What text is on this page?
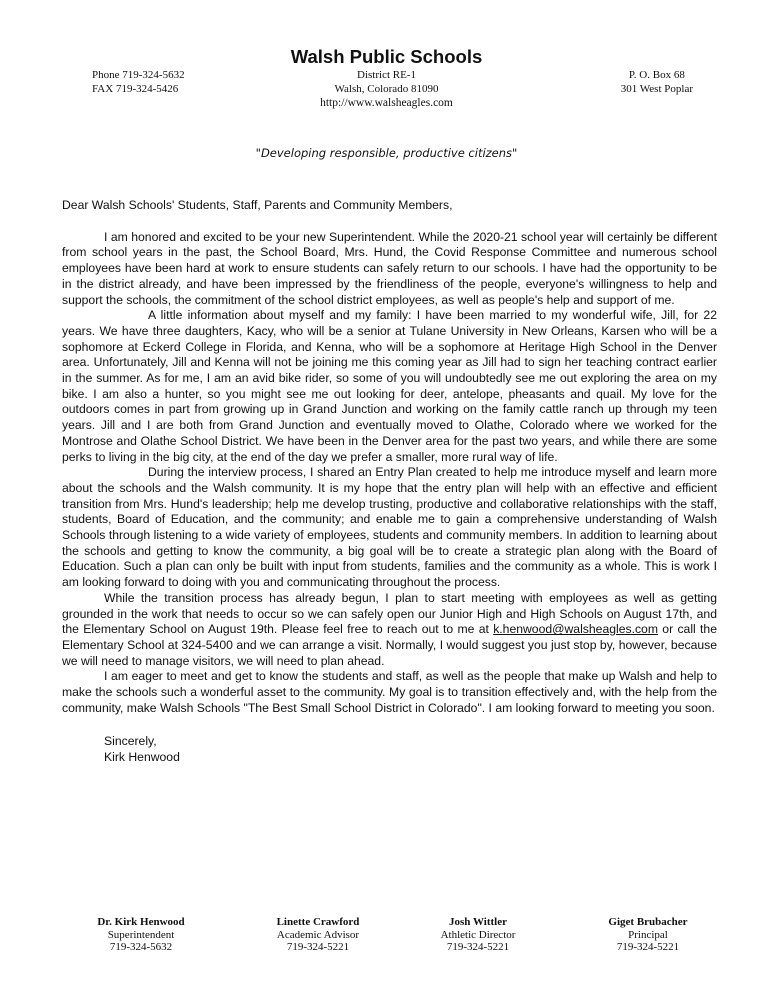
Walsh Public Schools
Phone 719-324-5632
FAX 719-324-5426
District RE-1
Walsh, Colorado 81090
http://www.walsheagles.com
P. O. Box 68
301 West Poplar
"Developing responsible, productive citizens"

Dear Walsh Schools' Students, Staff, Parents and Community Members,

I am honored and excited to be your new Superintendent. While the 2020-21 school year will certainly be different from school years in the past, the School Board, Mrs. Hund, the Covid Response Committee and numerous school employees have been hard at work to ensure students can safely return to our schools. I have had the opportunity to be in the district already, and have been impressed by the friendliness of the people, everyone's willingness to help and support the schools, the commitment of the school district employees, as well as people's help and support of me.

A little information about myself and my family: I have been married to my wonderful wife, Jill, for 22 years. We have three daughters, Kacy, who will be a senior at Tulane University in New Orleans, Karsen who will be a sophomore at Eckerd College in Florida, and Kenna, who will be a sophomore at Heritage High School in the Denver area. Unfortunately, Jill and Kenna will not be joining me this coming year as Jill had to sign her teaching contract earlier in the summer. As for me, I am an avid bike rider, so some of you will undoubtedly see me out exploring the area on my bike. I am also a hunter, so you might see me out looking for deer, antelope, pheasants and quail. My love for the outdoors comes in part from growing up in Grand Junction and working on the family cattle ranch up through my teen years. Jill and I are both from Grand Junction and eventually moved to Olathe, Colorado where we worked for the Montrose and Olathe School District. We have been in the Denver area for the past two years, and while there are some perks to living in the big city, at the end of the day we prefer a smaller, more rural way of life.

During the interview process, I shared an Entry Plan created to help me introduce myself and learn more about the schools and the Walsh community. It is my hope that the entry plan will help with an effective and efficient transition from Mrs. Hund's leadership; help me develop trusting, productive and collaborative relationships with the staff, students, Board of Education, and the community; and enable me to gain a comprehensive understanding of Walsh Schools through listening to a wide variety of employees, students and community members. In addition to learning about the schools and getting to know the community, a big goal will be to create a strategic plan along with the Board of Education. Such a plan can only be built with input from students, families and the community as a whole. This is work I am looking forward to doing with you and communicating throughout the process.

While the transition process has already begun, I plan to start meeting with employees as well as getting grounded in the work that needs to occur so we can safely open our Junior High and High Schools on August 17th, and the Elementary School on August 19th. Please feel free to reach out to me at k.henwood@walsheagles.com or call the Elementary School at 324-5400 and we can arrange a visit. Normally, I would suggest you just stop by, however, because we will need to manage visitors, we will need to plan ahead.

I am eager to meet and get to know the students and staff, as well as the people that make up Walsh and help to make the schools such a wonderful asset to the community. My goal is to transition effectively and, with the help from the community, make Walsh Schools "The Best Small School District in Colorado". I am looking forward to meeting you soon.

Sincerely,
Kirk Henwood
Dr. Kirk Henwood
Superintendent
719-324-5632
Linette Crawford
Academic Advisor
719-324-5221
Josh Wittler
Athletic Director
719-324-5221
Giget Brubacher
Principal
719-324-5221
